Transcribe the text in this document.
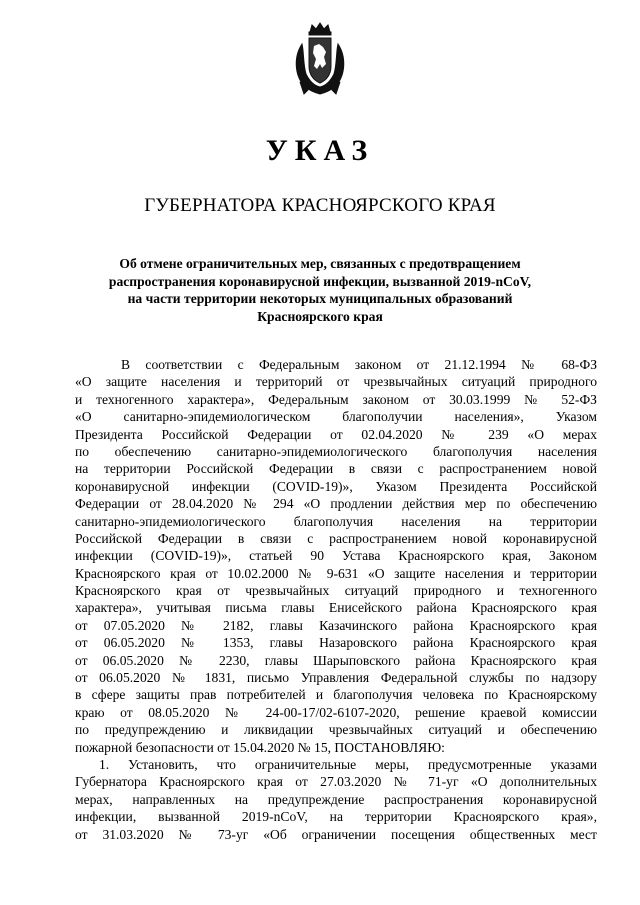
УКАЗ
ГУБЕРНАТОРА КРАСНОЯРСКОГО КРАЯ
Об отмене ограничительных мер, связанных с предотвращением
распространения коронавирусной инфекции, вызванной 2019-nCoV,
на части территории некоторых муниципальных образований
Красноярского края
В соответствии с Федеральным законом от 21.12.1994 № 68-ФЗ
«О защите населения и территорий от чрезвычайных ситуаций природного
и техногенного характера», Федеральным законом от 30.03.1999 № 52-ФЗ
«О санитарно-эпидемиологическом благополучии населения», Указом
Президента Российской Федерации от 02.04.2020 № 239 «О мерах
по обеспечению санитарно-эпидемиологического благополучия населения
на территории Российской Федерации в связи с распространением новой
коронавирусной инфекции (COVID-19)», Указом Президента Российской
Федерации от 28.04.2020 № 294 «О продлении действия мер по обеспечению
санитарно-эпидемиологического благополучия населения на территории
Российской Федерации в связи с распространением новой коронавирусной
инфекции (COVID-19)», статьей 90 Устава Красноярского края, Законом
Красноярского края от 10.02.2000 № 9-631 «О защите населения и территории
Красноярского края от чрезвычайных ситуаций природного и техногенного
характера», учитывая письма главы Енисейского района Красноярского края
от 07.05.2020 № 2182, главы Казачинского района Красноярского края
от 06.05.2020 № 1353, главы Назаровского района Красноярского края
от 06.05.2020 № 2230, главы Шарыповского района Красноярского края
от 06.05.2020 № 1831, письмо Управления Федеральной службы по надзору
в сфере защиты прав потребителей и благополучия человека по Красноярскому
краю от 08.05.2020 № 24-00-17/02-6107-2020, решение краевой комиссии
по предупреждению и ликвидации чрезвычайных ситуаций и обеспечению
пожарной безопасности от 15.04.2020 № 15, ПОСТАНОВЛЯЮ:
1. Установить, что ограничительные меры, предусмотренные указами
Губернатора Красноярского края от 27.03.2020 № 71-уг «О дополнительных
мерах, направленных на предупреждение распространения коронавирусной
инфекции, вызванной 2019-nCoV, на территории Красноярского края»,
от 31.03.2020 № 73-уг «Об ограничении посещения общественных мест
